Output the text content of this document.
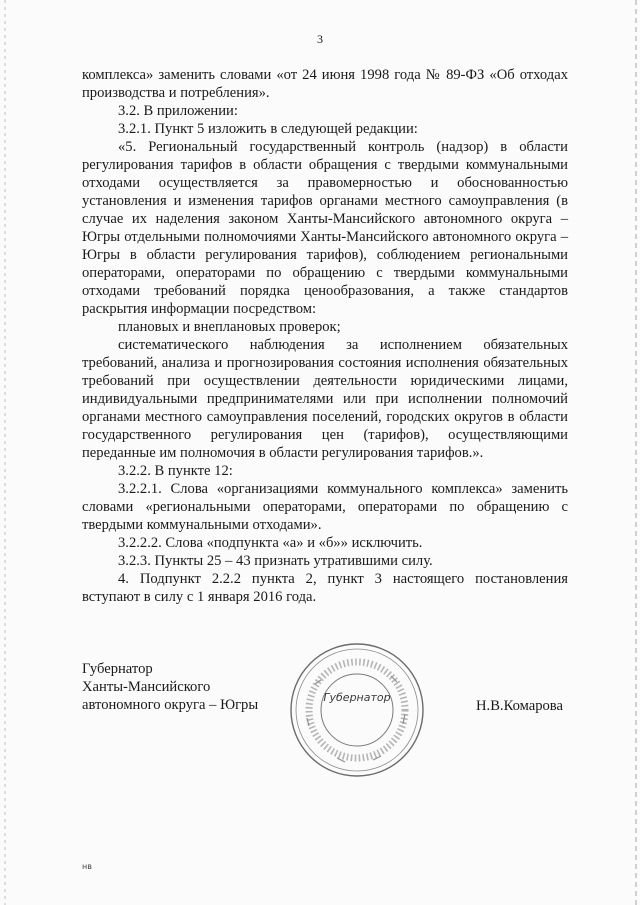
3

комплекса» заменить словами «от 24 июня 1998 года № 89-ФЗ «Об отходах производства и потребления».

3.2. В приложении:

3.2.1. Пункт 5 изложить в следующей редакции:

«5. Региональный государственный контроль (надзор) в области регулирования тарифов в области обращения с твердыми коммунальными отходами осуществляется за правомерностью и обоснованностью установления и изменения тарифов органами местного самоуправления (в случае их наделения законом Ханты-Мансийского автономного округа – Югры отдельными полномочиями Ханты-Мансийского автономного округа – Югры в области регулирования тарифов), соблюдением региональными операторами, операторами по обращению с твердыми коммунальными отходами требований порядка ценообразования, а также стандартов раскрытия информации посредством:

плановых и внеплановых проверок;

систематического наблюдения за исполнением обязательных требований, анализа и прогнозирования состояния исполнения обязательных требований при осуществлении деятельности юридическими лицами, индивидуальными предпринимателями или при исполнении полномочий органами местного самоуправления поселений, городских округов в области государственного регулирования цен (тарифов), осуществляющими переданные им полномочия в области регулирования тарифов.».

3.2.2. В пункте 12:

3.2.2.1. Слова «организациями коммунального комплекса» заменить словами «региональными операторами, операторами по обращению с твердыми коммунальными отходами».

3.2.2.2. Слова «подпункта «а» и «б»» исключить.

3.2.3. Пункты 25 – 43 признать утратившими силу.

4. Подпункт 2.2.2 пункта 2, пункт 3 настоящего постановления вступают в силу с 1 января 2016 года.

Губернатор
Ханты-Мансийского
автономного округа – Югры	Губернатор
Н.В.Комарова
нв
